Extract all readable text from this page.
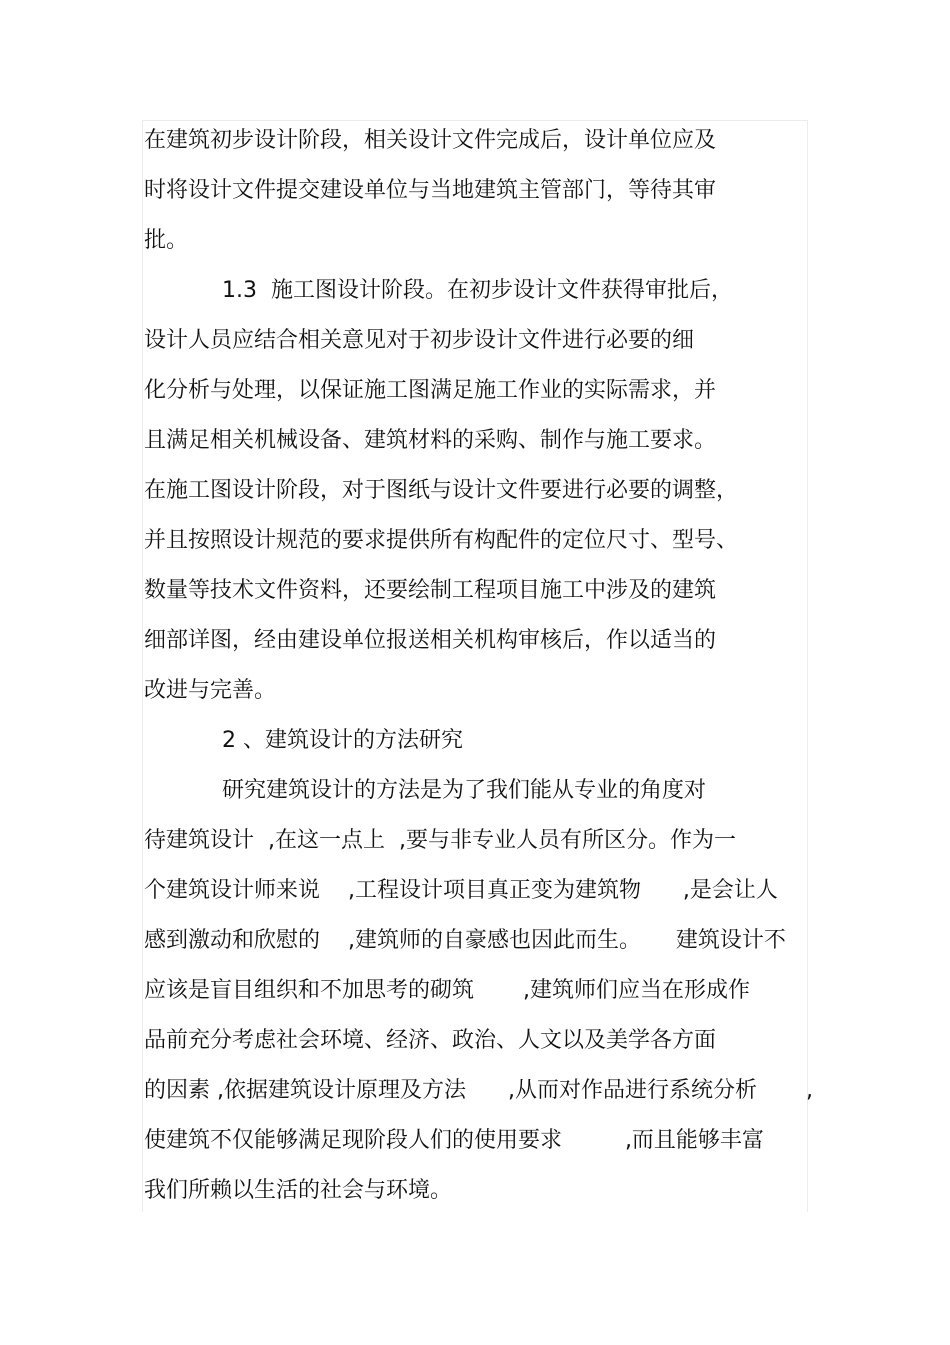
在建筑初步设计阶段，相关设计文件完成后，设计单位应及
时将设计文件提交建设单位与当地建筑主管部门，等待其审
批。
1.3  施工图设计阶段。在初步设计文件获得审批后，
设计人员应结合相关意见对于初步设计文件进行必要的细
化分析与处理，以保证施工图满足施工作业的实际需求，并
且满足相关机械设备、建筑材料的采购、制作与施工要求。
在施工图设计阶段，对于图纸与设计文件要进行必要的调整，
并且按照设计规范的要求提供所有构配件的定位尺寸、型号、
数量等技术文件资料，还要绘制工程项目施工中涉及的建筑
细部详图，经由建设单位报送相关机构审核后，作以适当的
改进与完善。
2 、建筑设计的方法研究
研究建筑设计的方法是为了我们能从专业的角度对
待建筑设计  ,在这一点上  ,要与非专业人员有所区分。作为一
个建筑设计师来说    ,工程设计项目真正变为建筑物      ,是会让人
感到激动和欣慰的    ,建筑师的自豪感也因此而生。     建筑设计不
应该是盲目组织和不加思考的砌筑       ,建筑师们应当在形成作
品前充分考虑社会环境、经济、政治、人文以及美学各方面
的因素 ,依据建筑设计原理及方法      ,从而对作品进行系统分析 ,
使建筑不仅能够满足现阶段人们的使用要求         ,而且能够丰富
我们所赖以生活的社会与环境。
